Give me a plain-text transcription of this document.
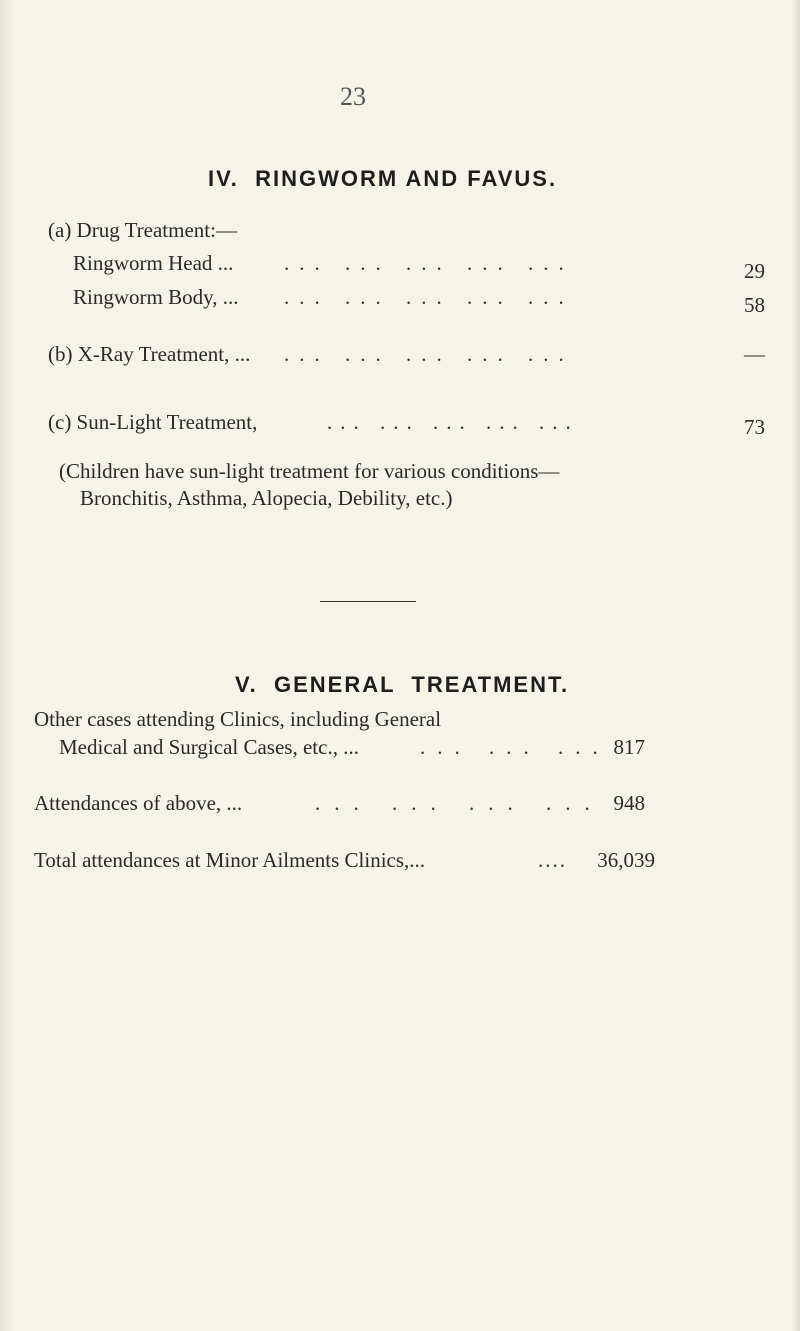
23
IV.  RINGWORM AND FAVUS.
(a) Drug Treatment:—
Ringworm Head ... ... ... ... ... ...	29
Ringworm Body, ... ... ... ... ... ...	58
(b) X-Ray Treatment, ... ... ... ... ... ...	—
(c) Sun-Light Treatment,	... ... ... ... ...	73
(Children have sun-light treatment for various conditions—
Bronchitis, Asthma, Alopecia, Debility, etc.)
V.  GENERAL  TREATMENT.
Other cases attending Clinics, including General
Medical and Surgical Cases, etc., ...	... ... ... 817
Attendances of above, ...	... ... ... ... 948
Total attendances at Minor Ailments Clinics,...	....	36,039
